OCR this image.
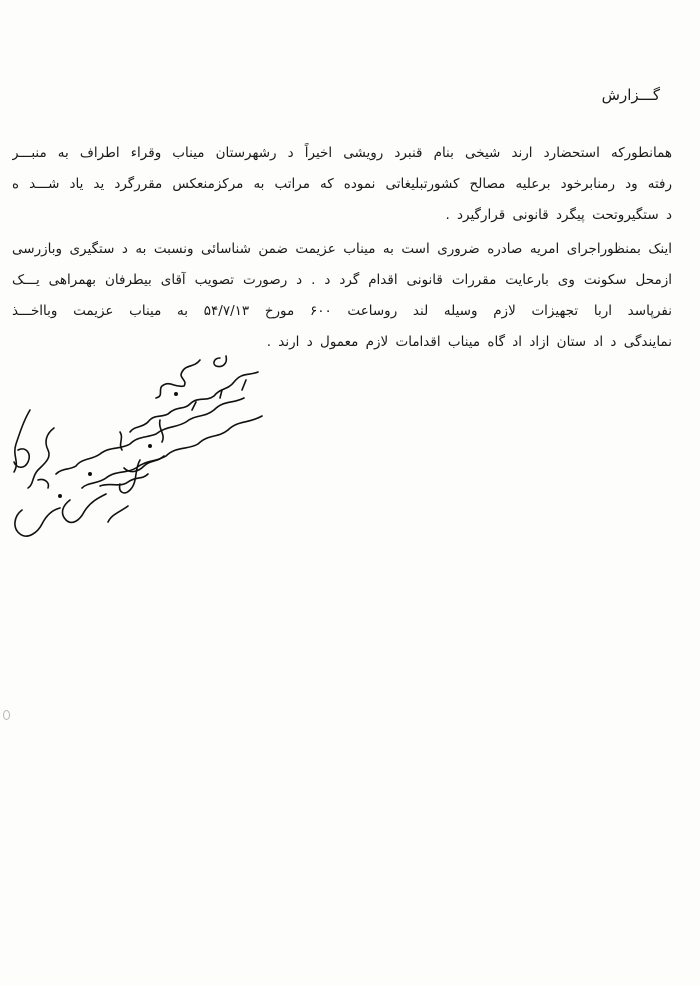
گـــزارش
همانطورکه استحضارد ارند شیخی بنام قنبرد رویشی اخیراً د رشهرستان میناب وقراء اطراف به منبـــر
رفته ود رمنابرخود برعلیه مصالح کشورتبلیغاتی نموده که مراتب به مرکزمنعکس مقررگرد ید یاد شـــد ه
د ستگیروتحت پیگرد قانونی قرارگیرد .
اینک بمنظوراجرای امریه صادره ضروری است به میناب عزیمت ضمن شناسائی ونسبت به د ستگیری وبازرسی
ازمحل سکونت وی بارعایت مقررات قانونی اقدام گرد د . د رصورت تصویب آقای بیطرفان بهمراهی یـــک
نفرپاسد اربا تجهیزات لازم وسیله لند روساعت ۶۰۰ مورخ ۵۴/۷/۱۳ به میناب عزیمت وبااخـــذ
نمایندگی د اد ستان ازاد اد گاه میناب اقدامات لازم معمول د ارند .
